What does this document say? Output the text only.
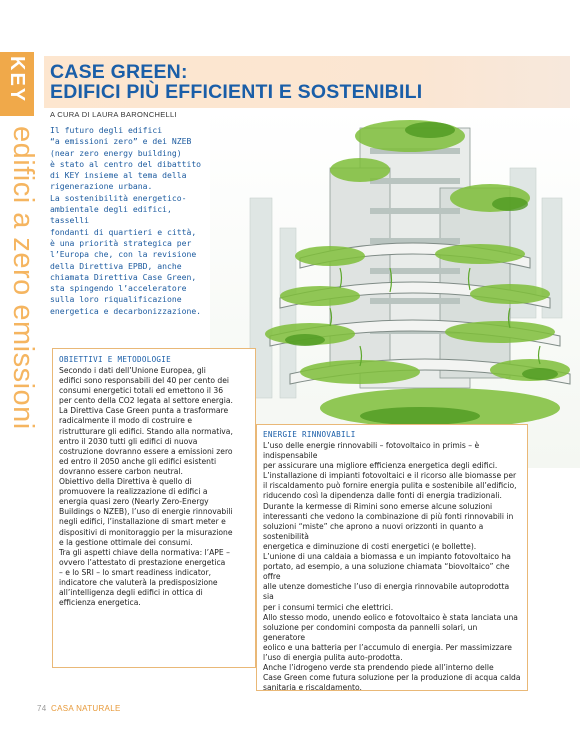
KEY
edifici a zero emissioni
CASE GREEN:
EDIFICI PIÙ EFFICIENTI E SOSTENIBILI
A CURA DI LAURA BARONCHELLI

Il futuro degli edifici

“a emissioni zero” e dei NZEB

(near zero energy building)

è stato al centro del dibattito

di KEY insieme al tema della

rigenerazione urbana.

La sostenibilità energetico-

ambientale degli edifici, tasselli

fondanti di quartieri e città,

è una priorità strategica per

l’Europa che, con la revisione

della Direttiva EPBD, anche

chiamata Direttiva Case Green,

sta spingendo l’acceleratore

sulla loro riqualificazione

energetica e decarbonizzazione.

OBIETTIVI E METODOLOGIE

Secondo i dati dell’Unione Europea, gli

edifici sono responsabili del 40 per cento dei

consumi energetici totali ed emettono il 36

per cento della CO2 legata al settore energia.

La Direttiva Case Green punta a trasformare

radicalmente il modo di costruire e

ristrutturare gli edifici. Stando alla normativa,

entro il 2030 tutti gli edifici di nuova

costruzione dovranno essere a emissioni zero

ed entro il 2050 anche gli edifici esistenti

dovranno essere carbon neutral.

Obiettivo della Direttiva è quello di

promuovere la realizzazione di edifici a

energia quasi zero (Nearly Zero-Energy

Buildings o NZEB), l’uso di energie rinnovabili

negli edifici, l’installazione di smart meter e

dispositivi di monitoraggio per la misurazione

e la gestione ottimale dei consumi.

Tra gli aspetti chiave della normativa: l’APE –

ovvero l’attestato di prestazione energetica

– e lo SRI – lo smart readiness indicator,

indicatore che valuterà la predisposizione

all’intelligenza degli edifici in ottica di

efficienza energetica.

ENERGIE RINNOVABILI

L’uso delle energie rinnovabili – fotovoltaico in primis – è indispensabile

per assicurare una migliore efficienza energetica degli edifici.

L’installazione di impianti fotovoltaici e il ricorso alle biomasse per

il riscaldamento può fornire energia pulita e sostenibile all’edificio,

riducendo così la dipendenza dalle fonti di energia tradizionali.

Durante la kermesse di Rimini sono emerse alcune soluzioni

interessanti che vedono la combinazione di più fonti rinnovabili in

soluzioni “miste” che aprono a nuovi orizzonti in quanto a sostenibilità

energetica e diminuzione di costi energetici (e bollette).

L’unione di una caldaia a biomassa e un impianto fotovoltaico ha

portato, ad esempio, a una soluzione chiamata “biovoltaico” che offre

alle utenze domestiche l’uso di energia rinnovabile autoprodotta sia

per i consumi termici che elettrici.

Allo stesso modo, unendo eolico e fotovoltaico è stata lanciata una

soluzione per condomini composta da pannelli solari, un generatore

eolico e una batteria per l’accumulo di energia. Per massimizzare

l’uso di energia pulita auto-prodotta.

Anche l’idrogeno verde sta prendendo piede all’interno delle

Case Green come futura soluzione per la produzione di acqua calda

sanitaria e riscaldamento.

74 CASA NATURALE
